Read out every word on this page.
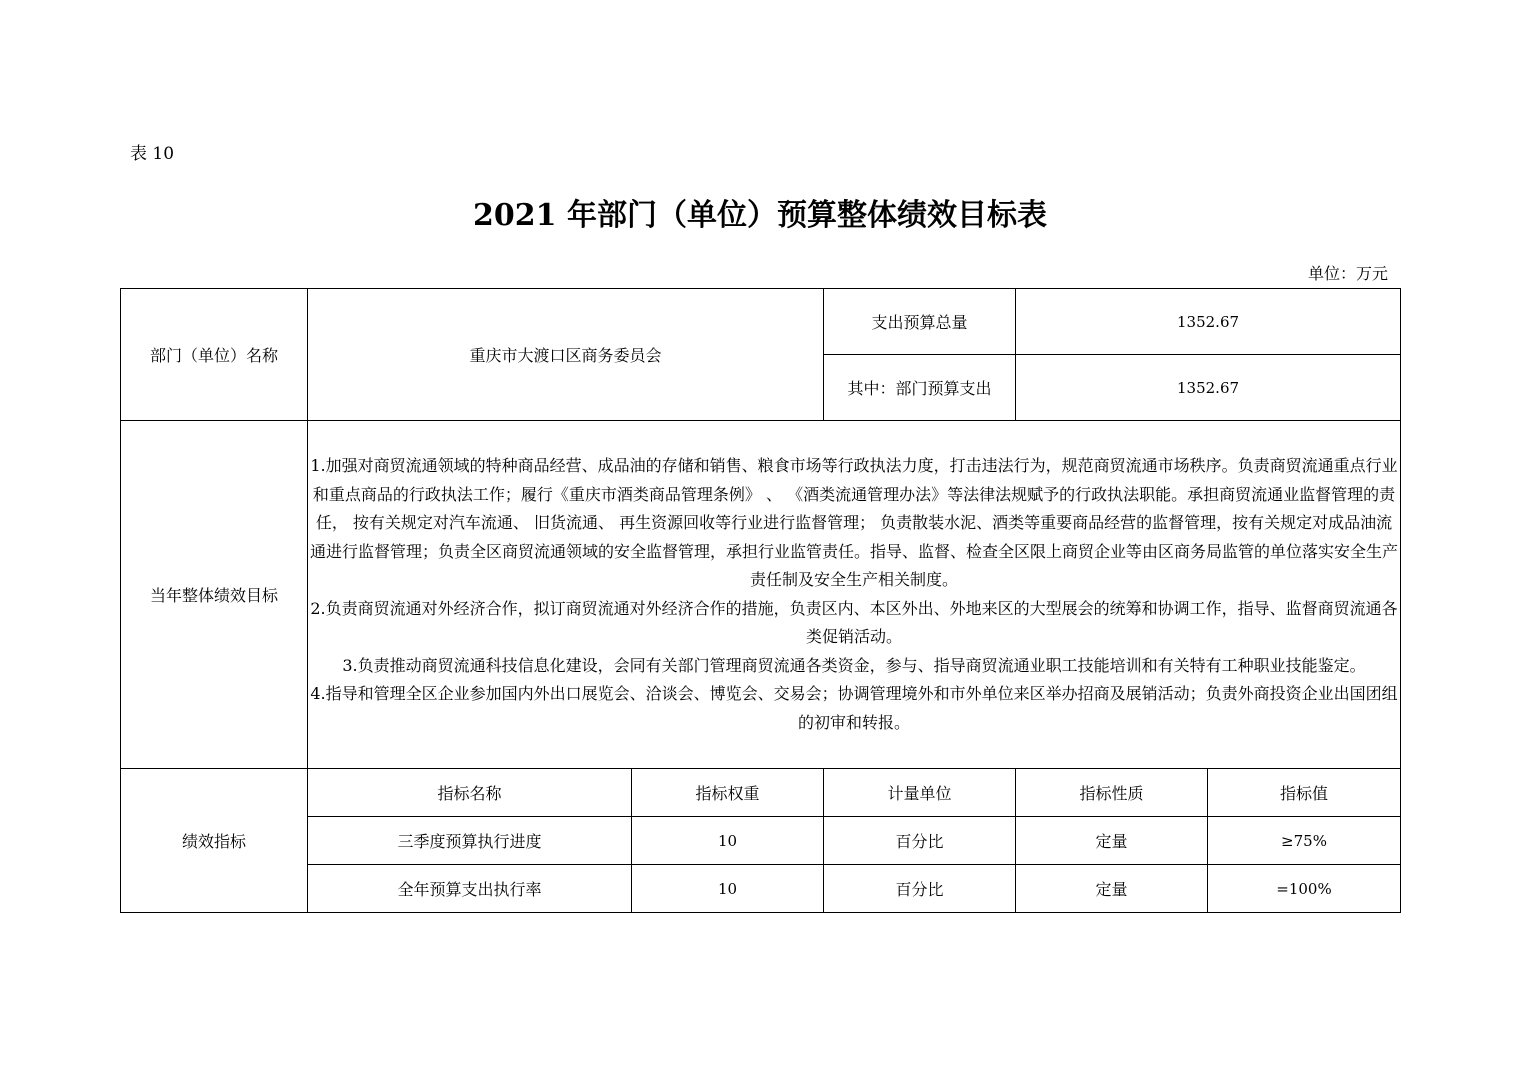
表 10
2021 年部门（单位）预算整体绩效目标表
单位：万元
部门（单位）名称	重庆市大渡口区商务委员会		支出预算总量	1352.67	
			其中：部门预算支出	1352.67	
当年整体绩效目标	1.加强对商贸流通领域的特种商品经营、成品油的存储和销售、粮食市场等行政执法力度，打击违法行为，规范商贸流通市场秩序。负责商贸流通重点行业和重点商品的行政执法工作；履行《重庆市酒类商品管理条例》 、 《酒类流通管理办法》等法律法规赋予的行政执法职能。承担商贸流通业监督管理的责任， 按有关规定对汽车流通、 旧货流通、 再生资源回收等行业进行监督管理； 负责散装水泥、酒类等重要商品经营的监督管理，按有关规定对成品油流通进行监督管理；负责全区商贸流通领域的安全监督管理，承担行业监管责任。指导、监督、检查全区限上商贸企业等由区商务局监管的单位落实安全生产责任制及安全生产相关制度。
2.负责商贸流通对外经济合作，拟订商贸流通对外经济合作的措施，负责区内、本区外出、外地来区的大型展会的统筹和协调工作，指导、监督商贸流通各类促销活动。
3.负责推动商贸流通科技信息化建设，会同有关部门管理商贸流通各类资金，参与、指导商贸流通业职工技能培训和有关特有工种职业技能鉴定。
4.指导和管理全区企业参加国内外出口展览会、洽谈会、博览会、交易会；协调管理境外和市外单位来区举办招商及展销活动；负责外商投资企业出国团组的初审和转报。				

绩效指标	指标名称	指标权重	计量单位	指标性质	指标值
	三季度预算执行进度	10	百分比	定量	≥75%
	全年预算支出执行率	10	百分比	定量	=100%
